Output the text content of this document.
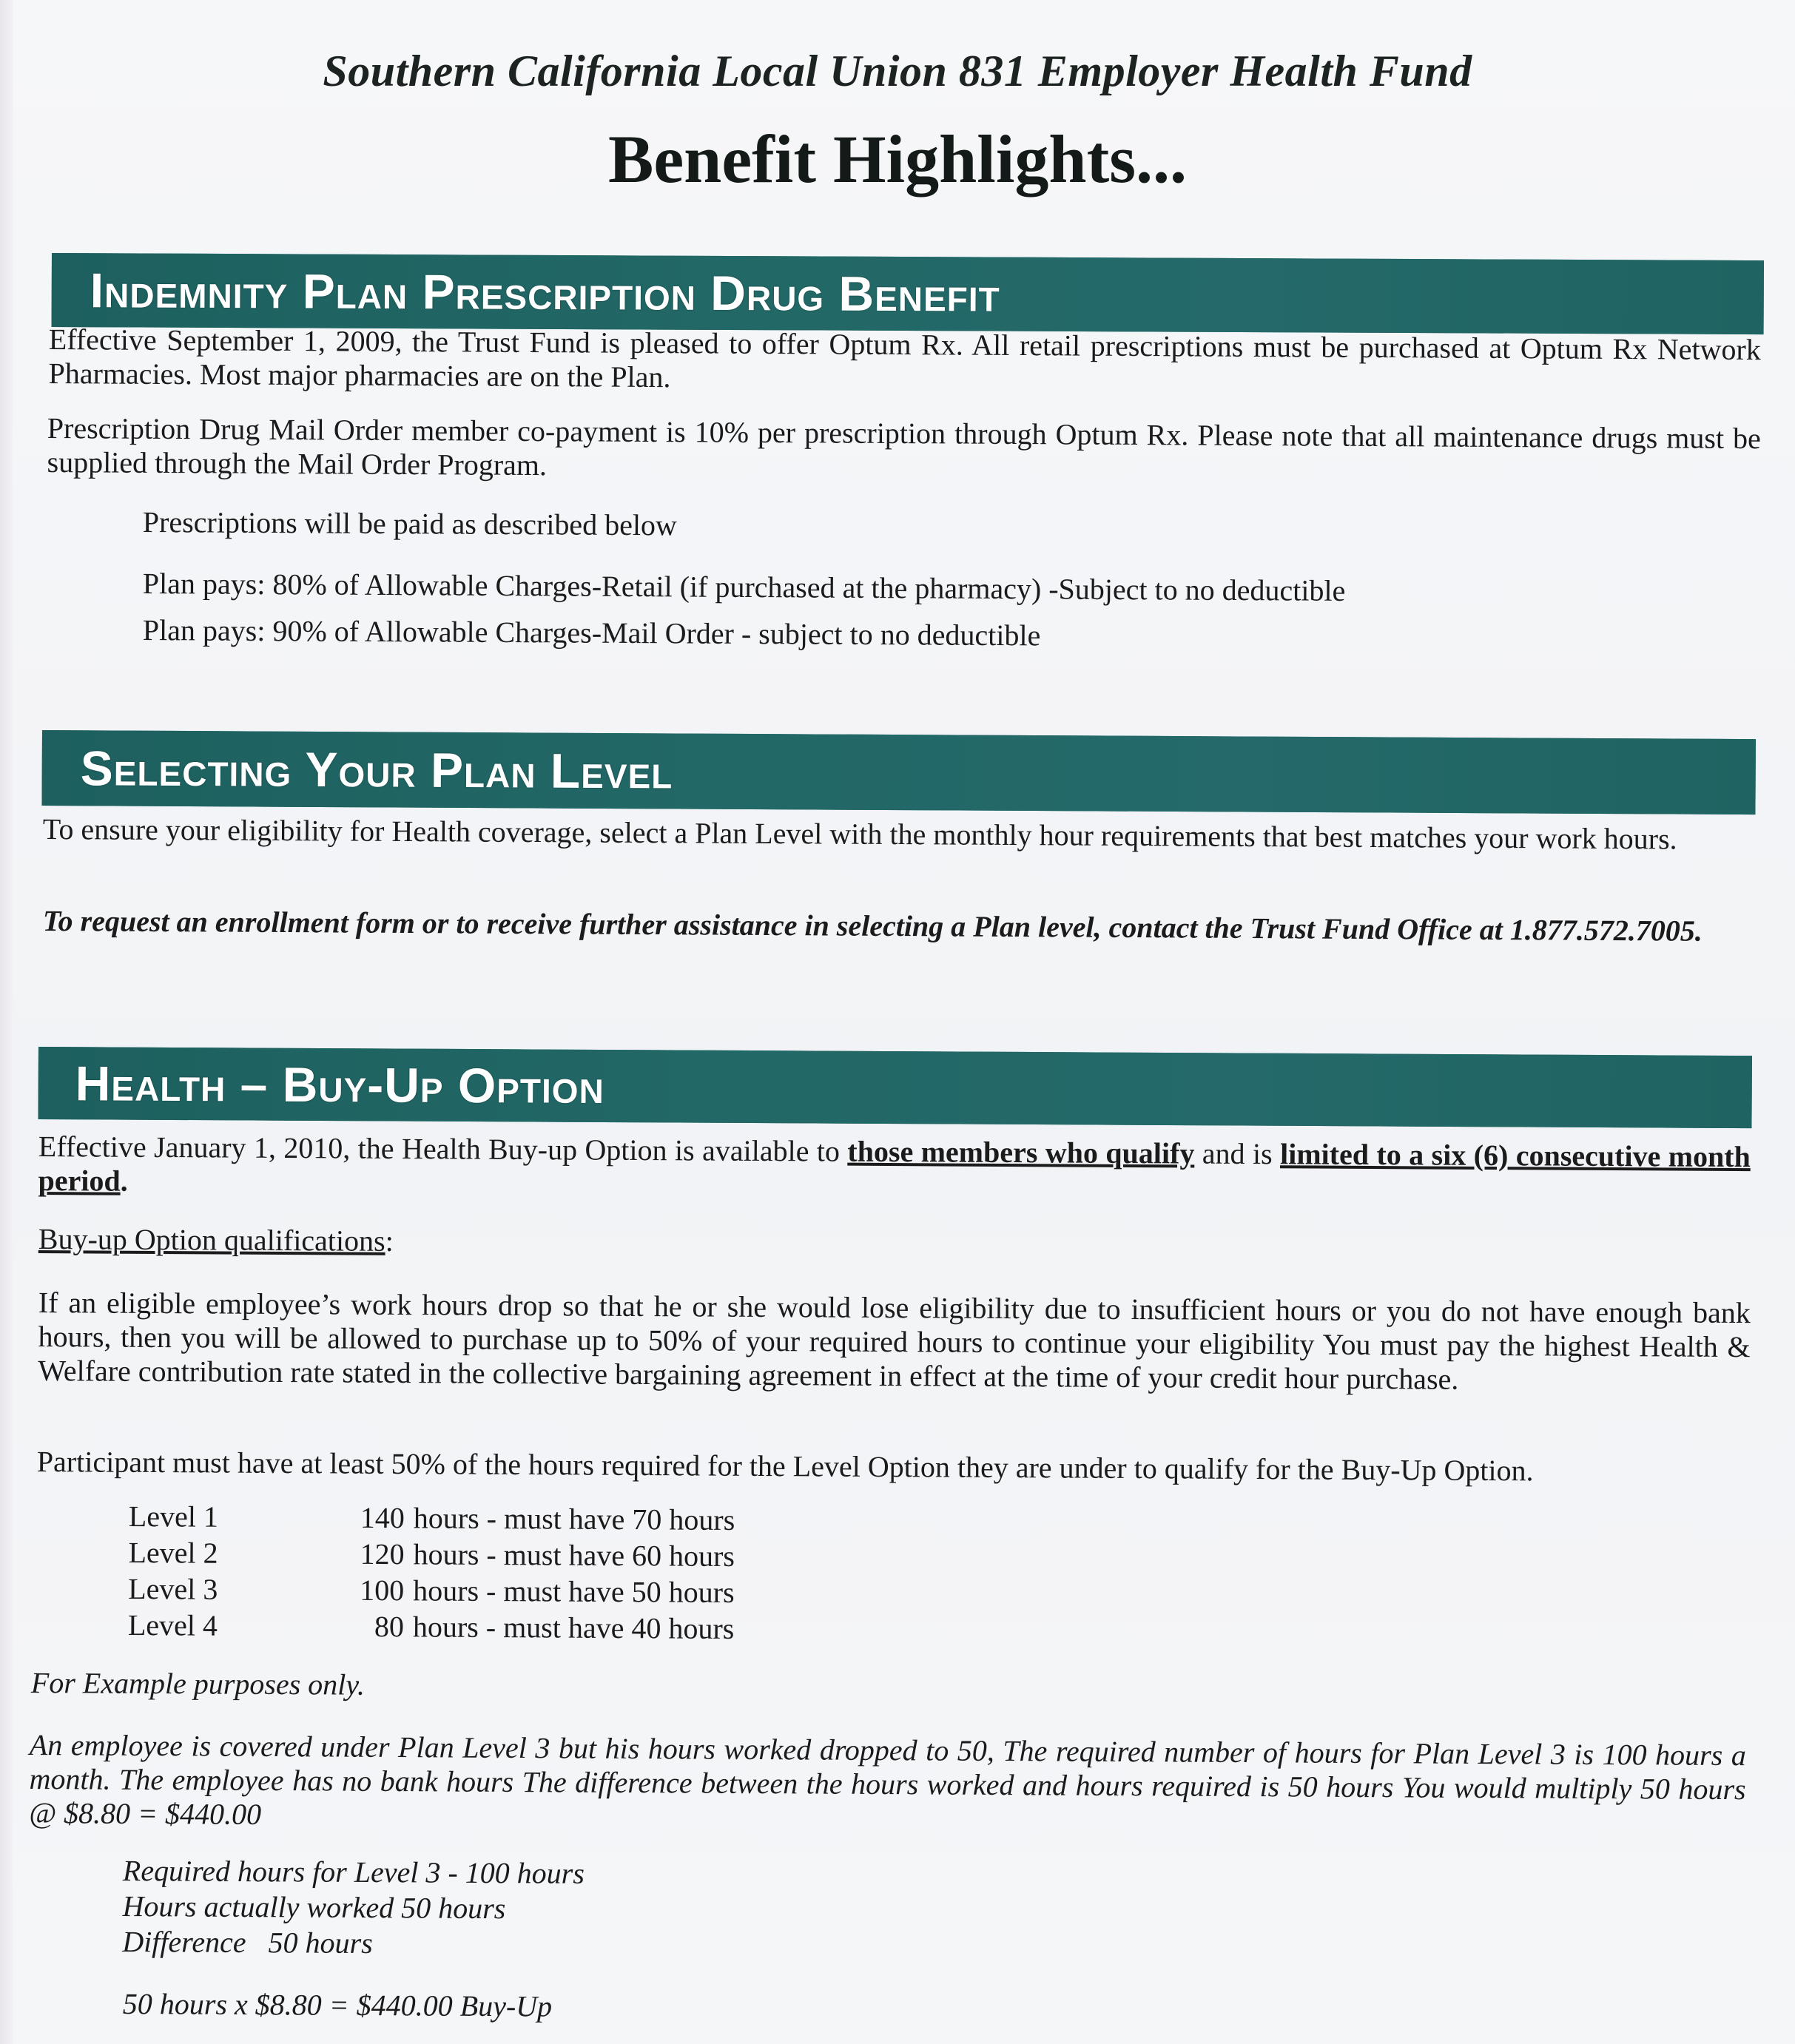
Southern California Local Union 831 Employer Health Fund
Benefit Highlights...
Indemnity Plan Prescription Drug Benefit
Effective September 1, 2009, the Trust Fund is pleased to offer Optum Rx. All retail prescriptions must be purchased at Optum Rx Network Pharmacies. Most major pharmacies are on the Plan.
Prescription Drug Mail Order member co-payment is 10% per prescription through Optum Rx. Please note that all maintenance drugs must be supplied through the Mail Order Program.
Prescriptions will be paid as described below
Plan pays: 80% of Allowable Charges-Retail (if purchased at the pharmacy) -Subject to no deductible
Plan pays: 90% of Allowable Charges-Mail Order - subject to no deductible
Selecting Your Plan Level
To ensure your eligibility for Health coverage, select a Plan Level with the monthly hour requirements that best matches your work hours.
To request an enrollment form or to receive further assistance in selecting a Plan level, contact the Trust Fund Office at 1.877.572.7005.
Health – Buy-Up Option
Effective January 1, 2010, the Health Buy-up Option is available to those members who qualify and is limited to a six (6) consecutive month period.
Buy-up Option qualifications:
If an eligible employee’s work hours drop so that he or she would lose eligibility due to insufficient hours or you do not have enough bank hours, then you will be allowed to purchase up to 50% of your required hours to continue your eligibility You must pay the highest Health & Welfare contribution rate stated in the collective bargaining agreement in effect at the time of your credit hour purchase.
Participant must have at least 50% of the hours required for the Level Option they are under to qualify for the Buy-Up Option.
Level 1	140 hours - must have 70 hours
Level 2	120 hours - must have 60 hours
Level 3	100 hours - must have 50 hours
Level 4	80 hours - must have 40 hours
For Example purposes only.
An employee is covered under Plan Level 3 but his hours worked dropped to 50, The required number of hours for Plan Level 3 is 100 hours a month. The employee has no bank hours The difference between the hours worked and hours required is 50 hours You would multiply 50 hours @ $8.80 = $440.00
Required hours for Level 3 - 100 hours
Hours actually worked 50 hours
Difference 50 hours
50 hours x $8.80 = $440.00 Buy-Up
